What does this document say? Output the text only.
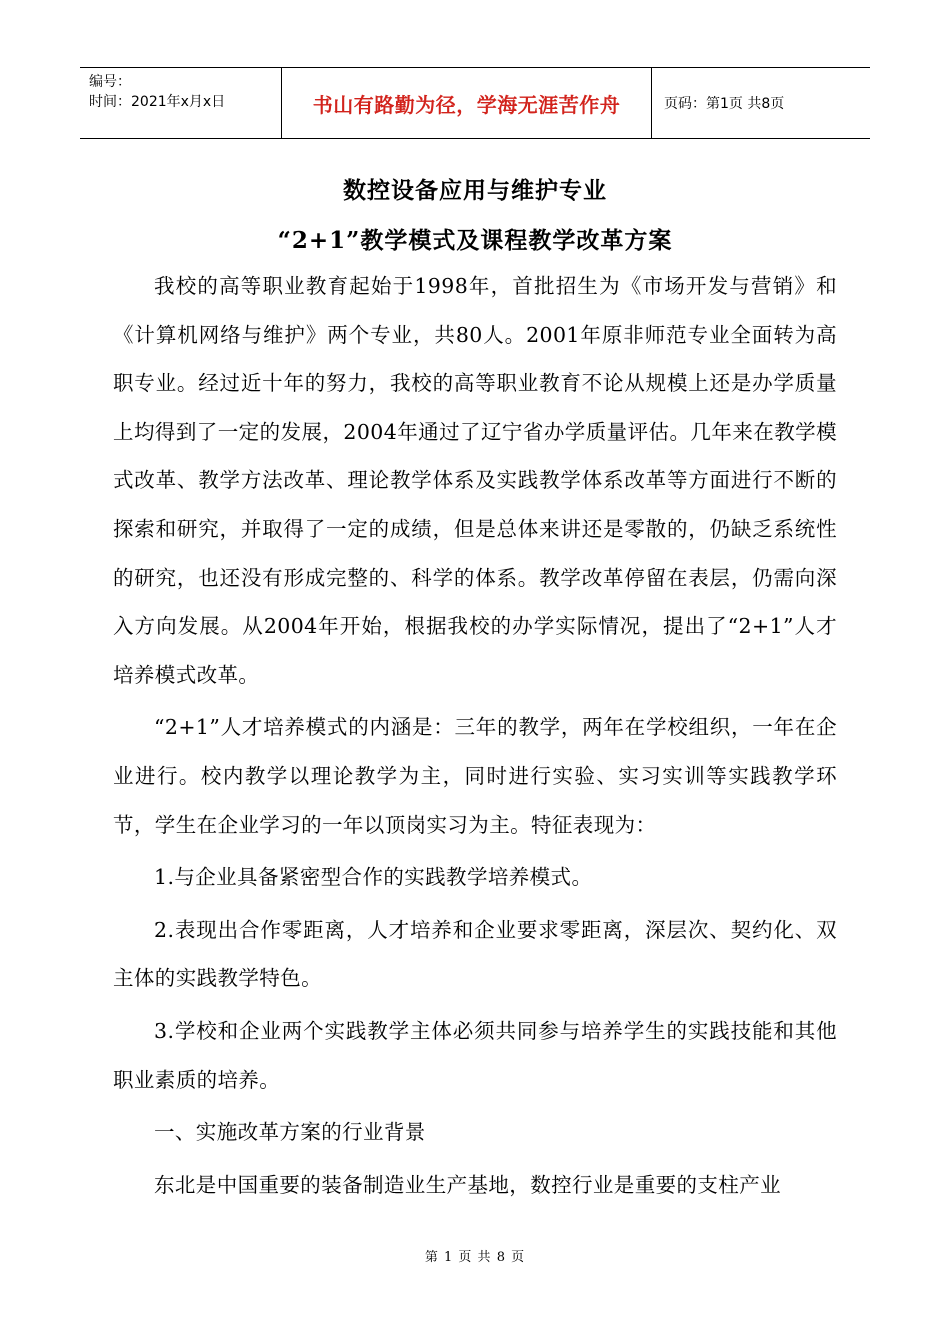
编号：
时间：2021年x月x日	书山有路勤为径，学海无涯苦作舟	页码：第1页 共8页
数控设备应用与维护专业
“2+1”教学模式及课程教学改革方案

我校的高等职业教育起始于1998年，首批招生为《市场开发与营销》和《计算机网络与维护》两个专业，共80人。2001年原非师范专业全面转为高职专业。经过近十年的努力，我校的高等职业教育不论从规模上还是办学质量上均得到了一定的发展，2004年通过了辽宁省办学质量评估。几年来在教学模式改革、教学方法改革、理论教学体系及实践教学体系改革等方面进行不断的探索和研究，并取得了一定的成绩，但是总体来讲还是零散的，仍缺乏系统性的研究，也还没有形成完整的、科学的体系。教学改革停留在表层，仍需向深入方向发展。从2004年开始，根据我校的办学实际情况，提出了“2+1”人才培养模式改革。

“2+1”人才培养模式的内涵是：三年的教学，两年在学校组织，一年在企业进行。校内教学以理论教学为主，同时进行实验、实习实训等实践教学环节，学生在企业学习的一年以顶岗实习为主。特征表现为：

1.与企业具备紧密型合作的实践教学培养模式。

2.表现出合作零距离，人才培养和企业要求零距离，深层次、契约化、双主体的实践教学特色。

3.学校和企业两个实践教学主体必须共同参与培养学生的实践技能和其他职业素质的培养。

一、实施改革方案的行业背景

东北是中国重要的装备制造业生产基地，数控行业是重要的支柱产业

第 1 页 共 8 页
